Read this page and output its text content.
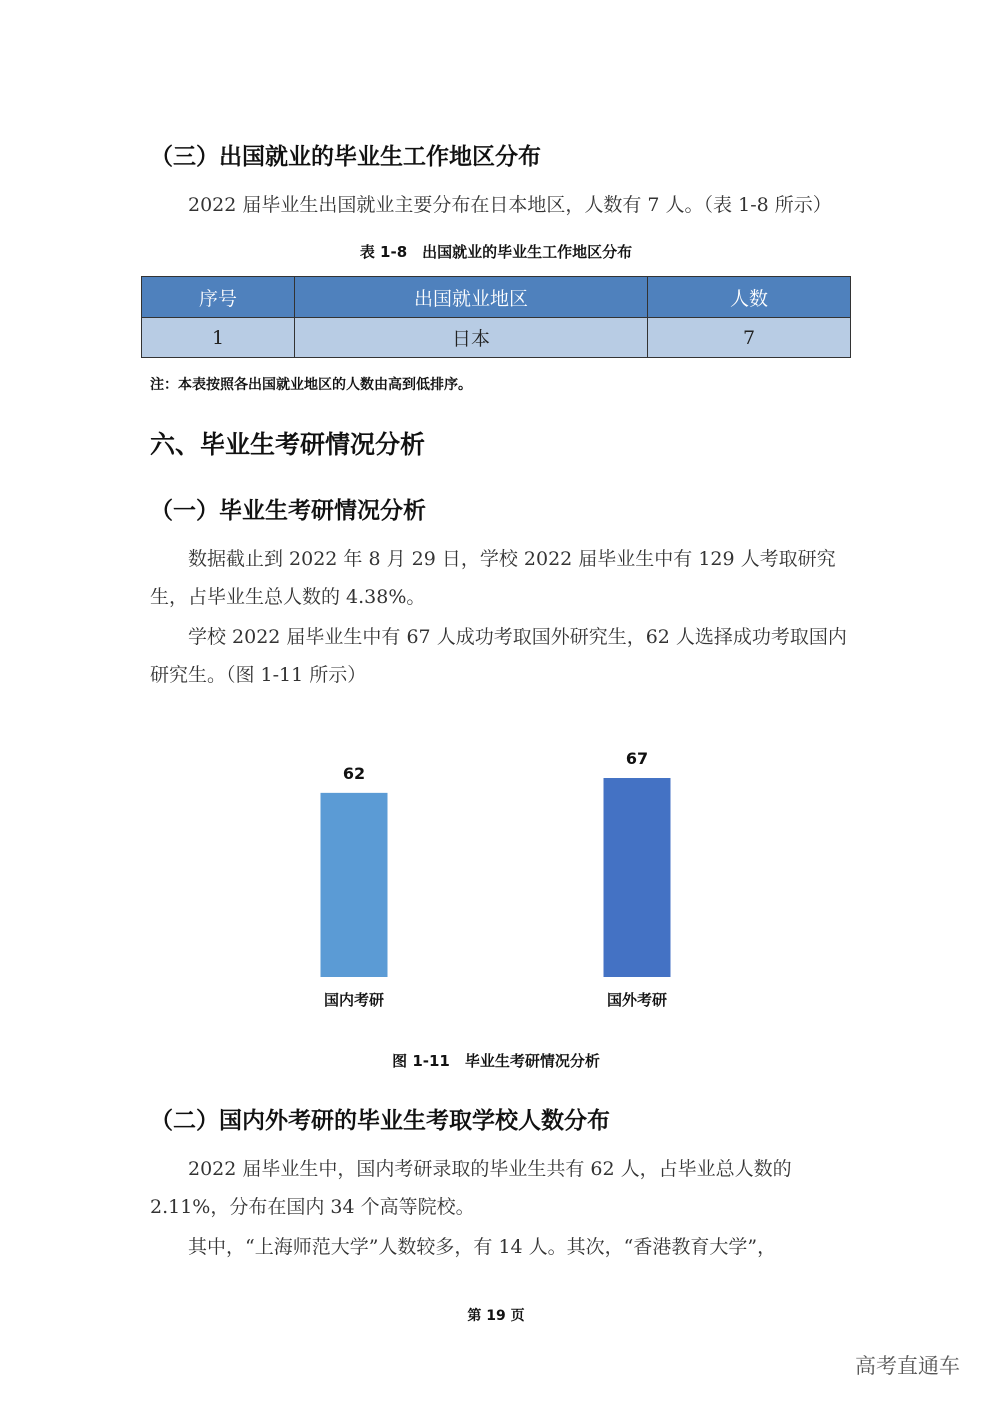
（三）出国就业的毕业生工作地区分布

2022 届毕业生出国就业主要分布在日本地区，人数有 7 人。（表 1-8 所示）

表 1-8　出国就业的毕业生工作地区分布

序号	出国就业地区	人数
1	日本	7

注：本表按照各出国就业地区的人数由高到低排序。

六、毕业生考研情况分析
（一）毕业生考研情况分析

数据截止到 2022 年 8 月 29 日，学校 2022 届毕业生中有 129 人考取研究生，占毕业生总人数的 4.38%。

学校 2022 届毕业生中有 67 人成功考取国外研究生，62 人选择成功考取国内研究生。（图 1-11 所示）

62
国内考研
67
国外考研

图 1-11　毕业生考研情况分析

（二）国内外考研的毕业生考取学校人数分布

2022 届毕业生中，国内考研录取的毕业生共有 62 人，占毕业总人数的 2.11%，分布在国内 34 个高等院校。

其中，“上海师范大学”人数较多，有 14 人。其次，“香港教育大学”，

第 19 页
高考直通车
